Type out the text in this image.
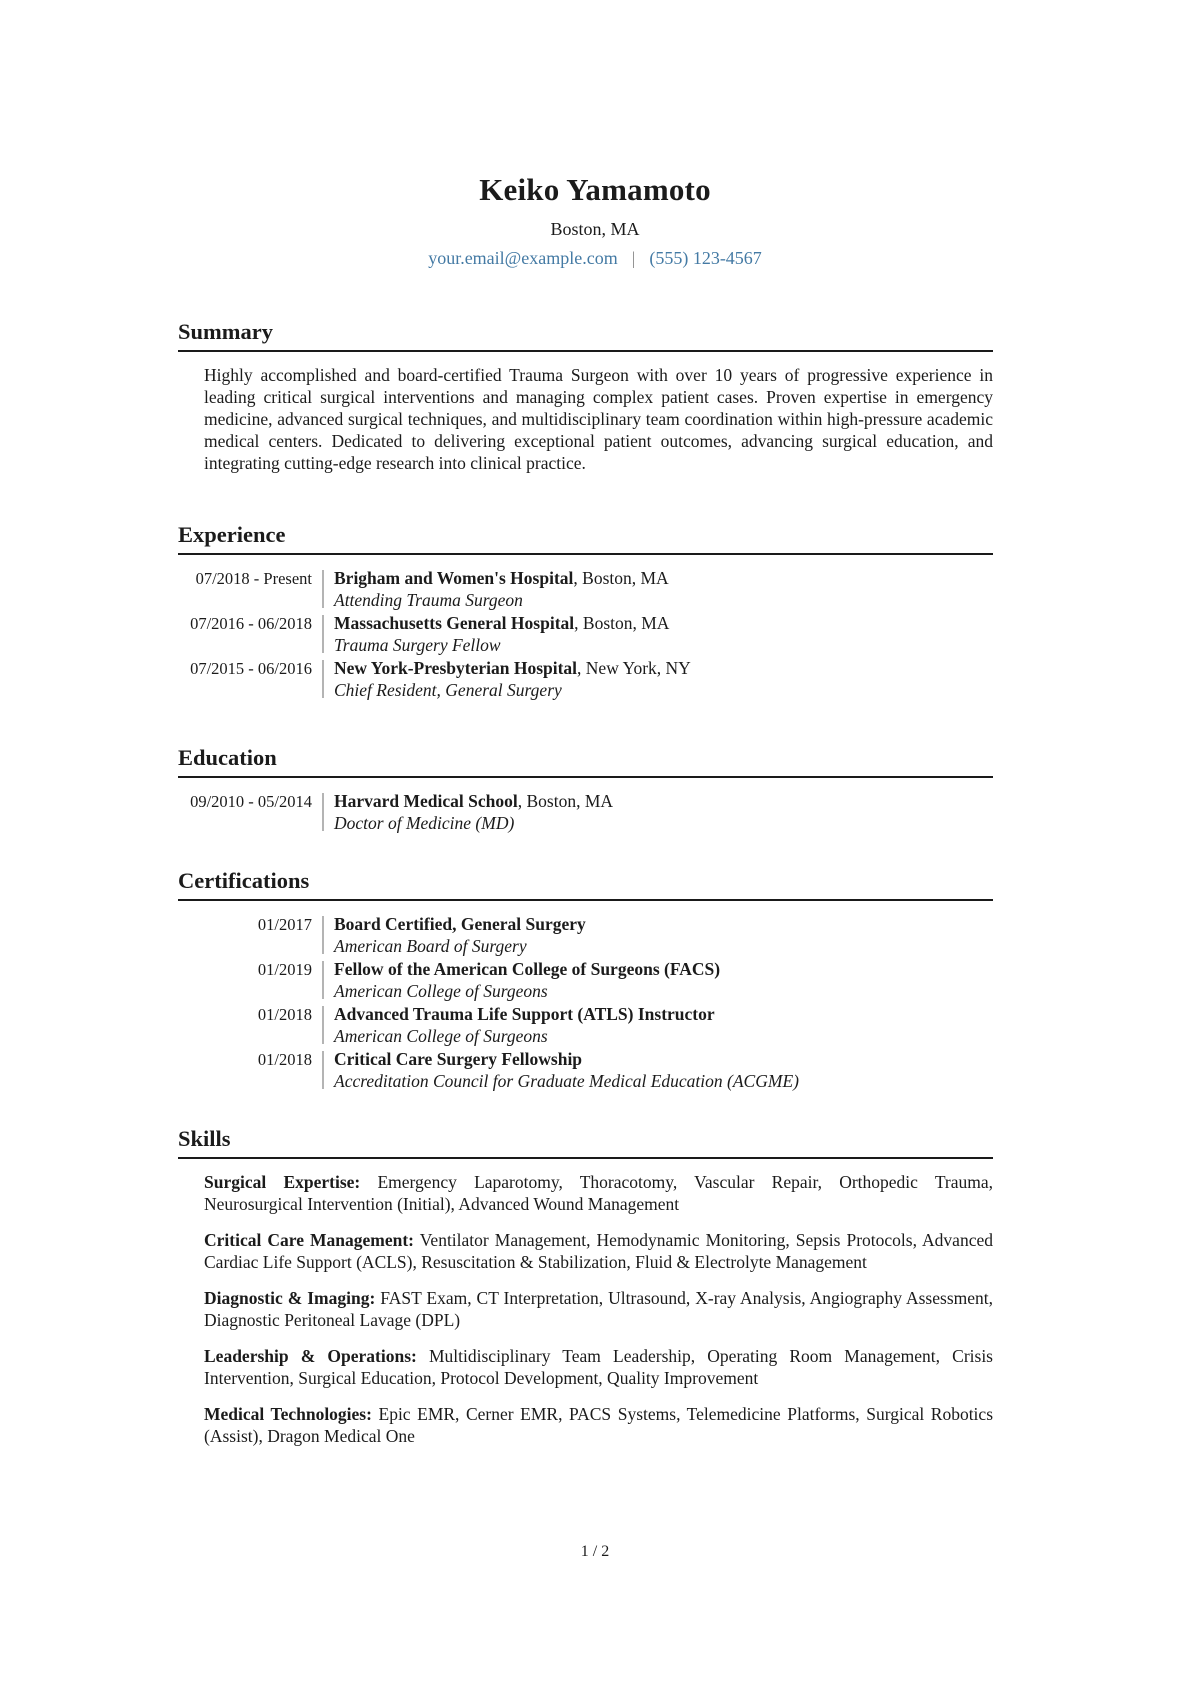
Keiko Yamamoto
Boston, MA
your.email@example.com | (555) 123-4567
Summary

Highly accomplished and board-certified Trauma Surgeon with over 10 years of progressive experience in leading critical surgical interventions and managing complex patient cases. Proven expertise in emergency medicine, advanced surgical techniques, and multidisciplinary team coordination within high-pressure academic medical centers. Dedicated to delivering exceptional patient outcomes, advancing surgical education, and integrating cutting-edge research into clinical practice.

Experience
07/2018 - Present Brigham and Women's Hospital, Boston, MA
Attending Trauma Surgeon
07/2016 - 06/2018 Massachusetts General Hospital, Boston, MA
Trauma Surgery Fellow
07/2015 - 06/2016 New York-Presbyterian Hospital, New York, NY
Chief Resident, General Surgery
Education
09/2010 - 05/2014 Harvard Medical School, Boston, MA
Doctor of Medicine (MD)
Certifications
01/2017 Board Certified, General Surgery
American Board of Surgery
01/2019 Fellow of the American College of Surgeons (FACS)
American College of Surgeons
01/2018 Advanced Trauma Life Support (ATLS) Instructor
American College of Surgeons
01/2018 Critical Care Surgery Fellowship
Accreditation Council for Graduate Medical Education (ACGME)
Skills

Surgical Expertise: Emergency Laparotomy, Thoracotomy, Vascular Repair, Orthopedic Trauma, Neurosurgical Intervention (Initial), Advanced Wound Management

Critical Care Management: Ventilator Management, Hemodynamic Monitoring, Sepsis Protocols, Advanced Cardiac Life Support (ACLS), Resuscitation & Stabilization, Fluid & Electrolyte Management

Diagnostic & Imaging: FAST Exam, CT Interpretation, Ultrasound, X-ray Analysis, Angiography Assessment, Diagnostic Peritoneal Lavage (DPL)

Leadership & Operations: Multidisciplinary Team Leadership, Operating Room Management, Crisis Intervention, Surgical Education, Protocol Development, Quality Improvement

Medical Technologies: Epic EMR, Cerner EMR, PACS Systems, Telemedicine Platforms, Surgical Robotics (Assist), Dragon Medical One

1 / 2
